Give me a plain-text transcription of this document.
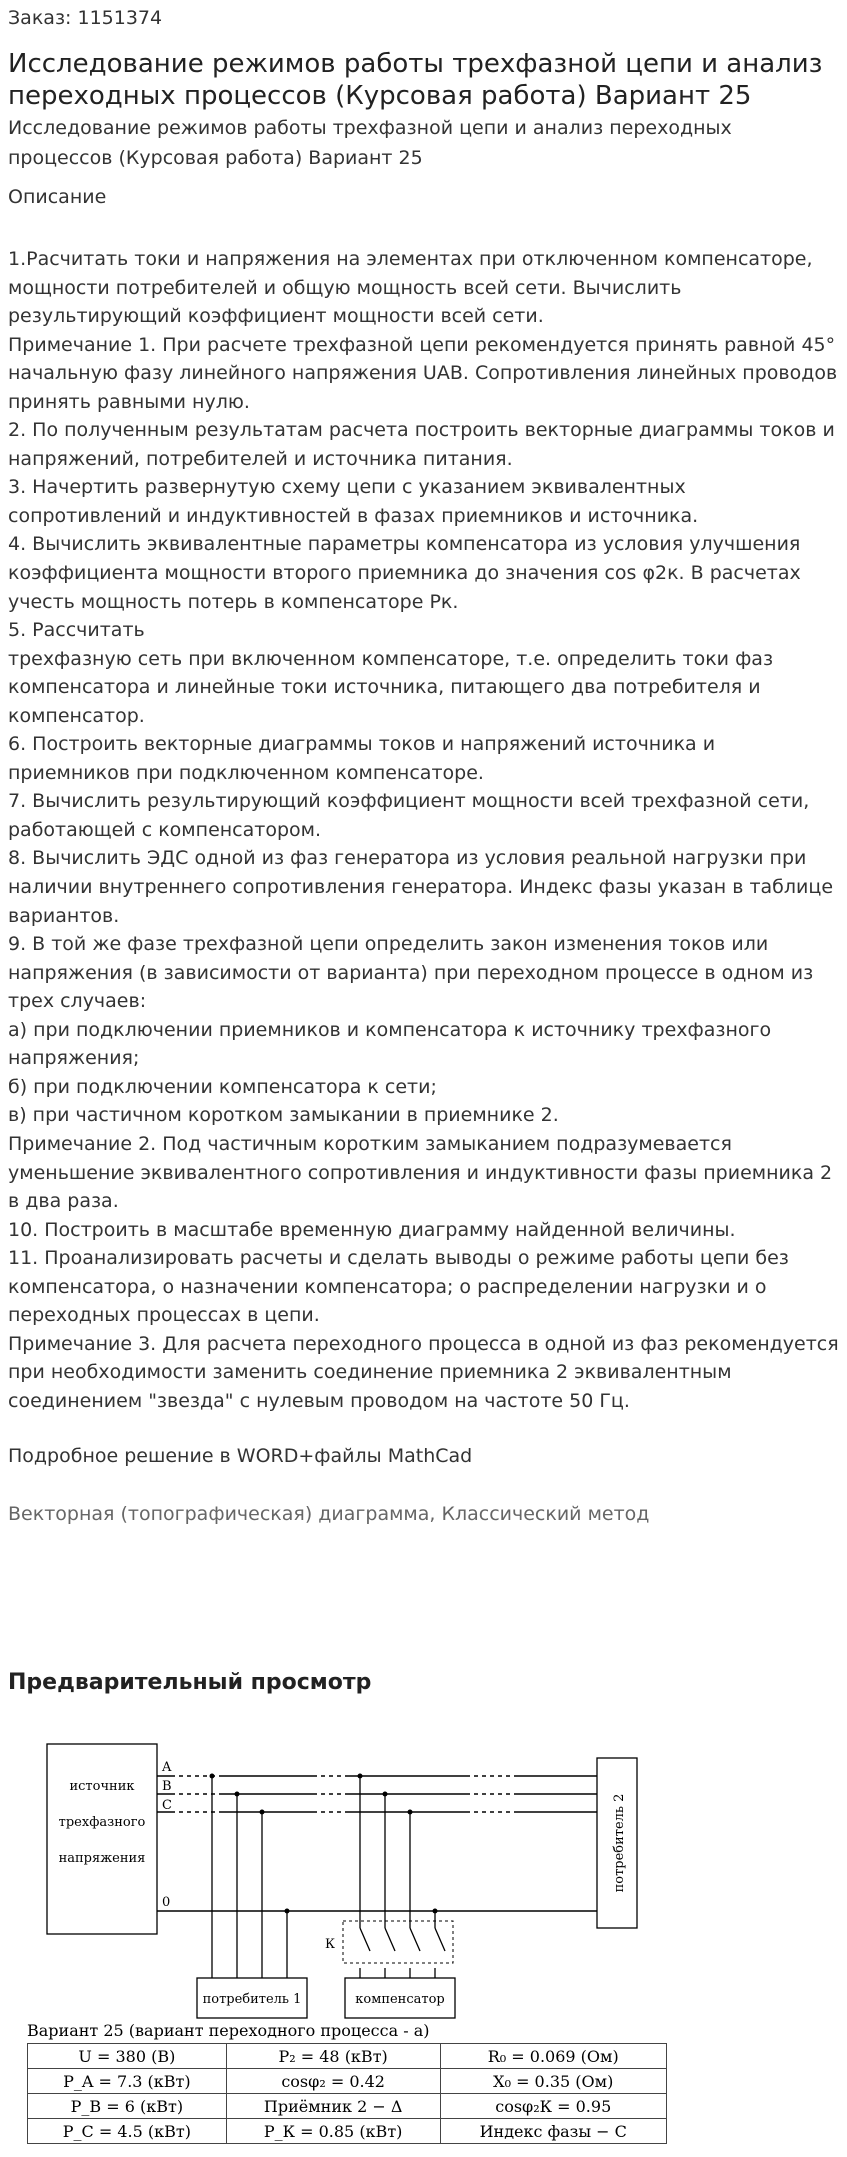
Заказ: 1151374

Исследование режимов работы трехфазной цепи и анализ переходных процессов (Курсовая работа) Вариант 25

Исследование режимов работы трехфазной цепи и анализ переходных процессов (Курсовая работа) Вариант 25

Описание
1.Расчитать токи и напряжения на элементах при отключенном компенсаторе,
мощности потребителей и общую мощность всей сети. Вычислить
результирующий коэффициент мощности всей сети.
Примечание 1. При расчете трехфазной цепи рекомендуется принять равной 45°
начальную фазу линейного напряжения UAB. Сопротивления линейных проводов
принять равными нулю.
2. По полученным результатам расчета построить векторные диаграммы токов и
напряжений, потребителей и источника питания.
3. Начертить развернутую схему цепи с указанием эквивалентных
сопротивлений и индуктивностей в фазах приемников и источника.
4. Вычислить эквивалентные параметры компенсатора из условия улучшения
коэффициента мощности второго приемника до значения cos φ2к. В расчетах
учесть мощность потерь в компенсаторе Pк.
5. Рассчитать
трехфазную сеть при включенном компенсаторе, т.е. определить токи фаз
компенсатора и линейные токи источника, питающего два потребителя и
компенсатор.
6. Построить векторные диаграммы токов и напряжений источника и
приемников при подключенном компенсаторе.
7. Вычислить результирующий коэффициент мощности всей трехфазной сети,
работающей с компенсатором.
8. Вычислить ЭДС одной из фаз генератора из условия реальной нагрузки при
наличии внутреннего сопротивления генератора. Индекс фазы указан в таблице
вариантов.
9. В той же фазе трехфазной цепи определить закон изменения токов или
напряжения (в зависимости от варианта) при переходном процессе в одном из
трех случаев:
а) при подключении приемников и компенсатора к источнику трехфазного
напряжения;
б) при подключении компенсатора к сети;
в) при частичном коротком замыкании в приемнике 2.
Примечание 2. Под частичным коротким замыканием подразумевается
уменьшение эквивалентного сопротивления и индуктивности фазы приемника 2
в два раза.
10. Построить в масштабе временную диаграмму найденной величины.
11. Проанализировать расчеты и сделать выводы о режиме работы цепи без
компенсатора, о назначении компенсатора; о распределении нагрузки и о
переходных процессах в цепи.
Примечание 3. Для расчета переходного процесса в одной из фаз рекомендуется
при необходимости заменить соединение приемника 2 эквивалентным
соединением "звезда" с нулевым проводом на частоте 50 Гц.

Подробное решение в WORD+файлы MathCad

Векторная (топографическая) диаграмма, Классический метод

Предварительный просмотр
источник
трехфазного
напряжения
A
B
C
0
потребитель 2
К
потребитель 1	компенсатор

Вариант 25 (вариант переходного процесса - а)

U = 380 (В)	P₂ = 48 (кВт)	R₀ = 0.069 (Ом)
P_A = 7.3 (кВт)	cosφ₂ = 0.42	X₀ = 0.35 (Ом)
P_B = 6 (кВт)	Приёмник 2 − Δ	cosφ₂К = 0.95
P_C = 4.5 (кВт)	P_К = 0.85 (кВт)	Индекс фазы − С
